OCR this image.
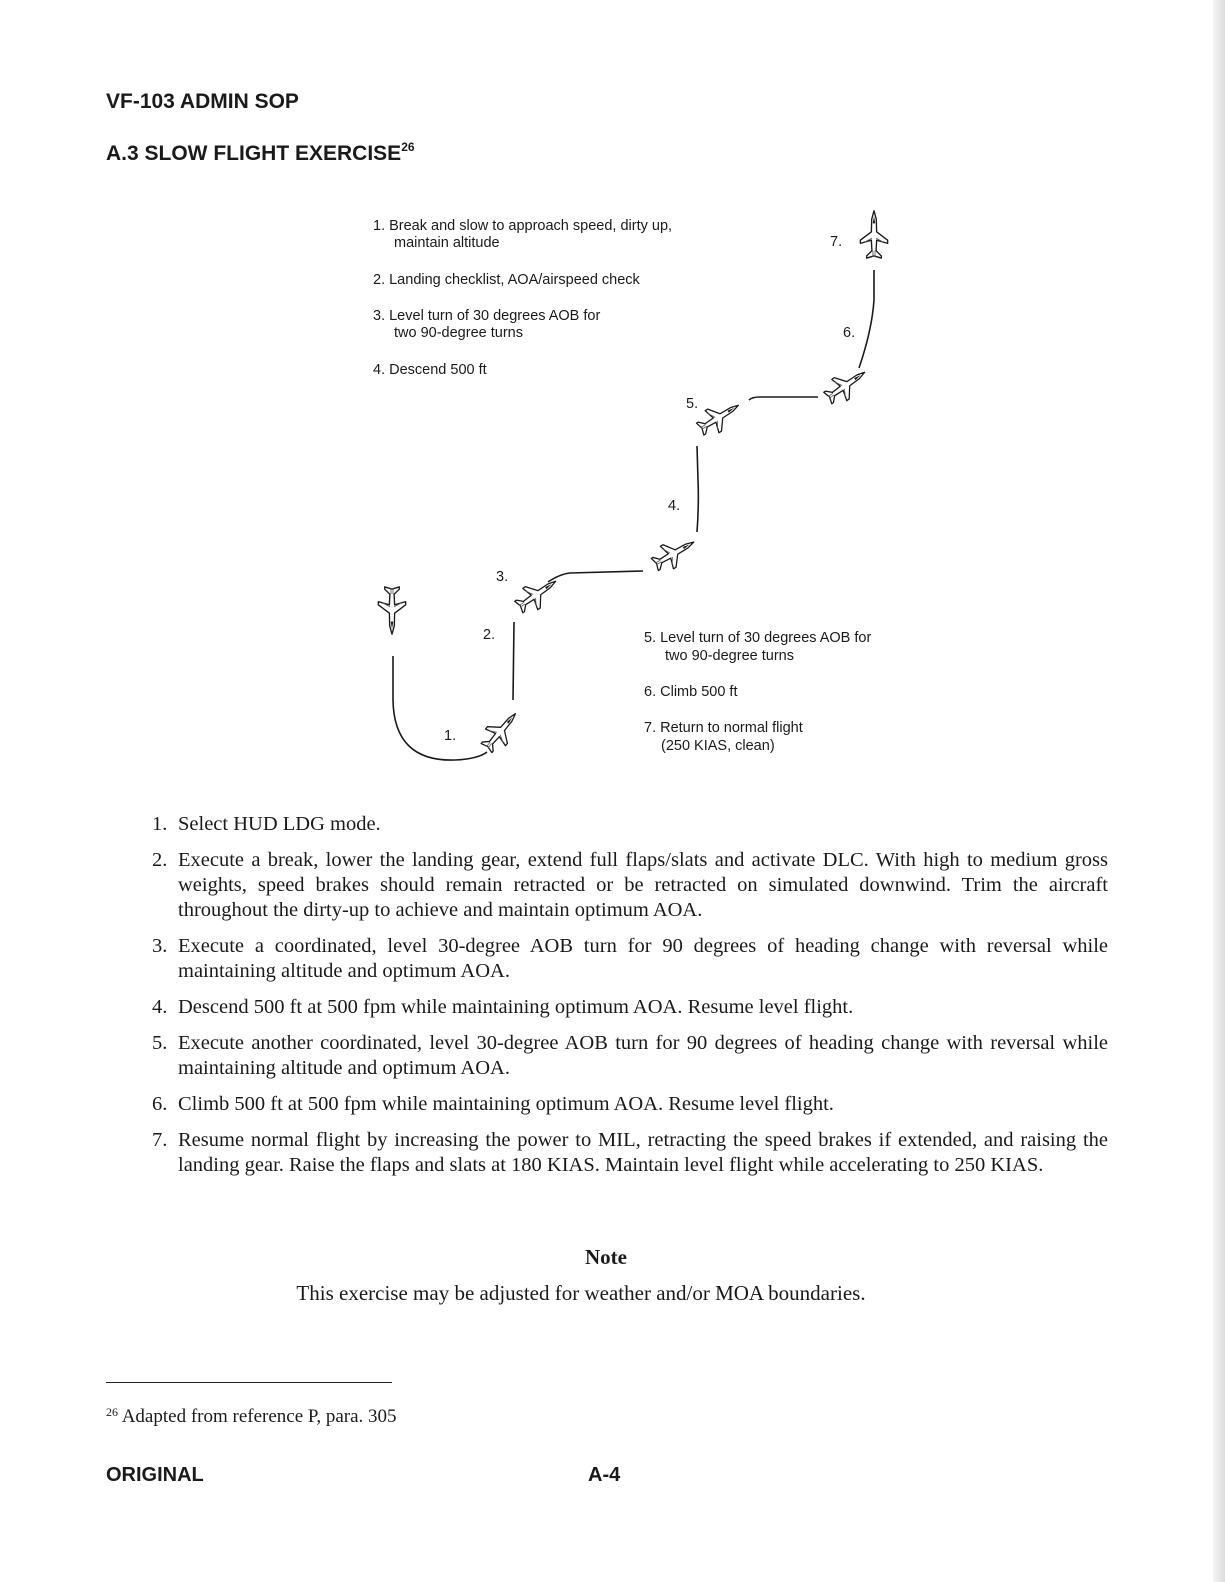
VF-103 ADMIN SOP
A.3 SLOW FLIGHT EXERCISE$^{26}$
1. Break and slow to approach speed, dirty up,
maintain altitude
2. Landing checklist, AOA/airspeed check
3. Level turn of 30 degrees AOB for
two 90-degree turns
4. Descend 500 ft
5. Level turn of 30 degrees AOB for
two 90-degree turns
6. Climb 500 ft
7. Return to normal flight
(250 KIAS, clean)
1.
2.
3.
4.
5.
6.
7.
1. Select HUD LDG mode.
2. Execute a break, lower the landing gear, extend full flaps/slats and activate DLC. With high to medium gross weights, speed brakes should remain retracted or be retracted on simulated downwind. Trim the aircraft throughout the dirty-up to achieve and maintain optimum AOA.
3. Execute a coordinated, level 30-degree AOB turn for 90 degrees of heading change with reversal while maintaining altitude and optimum AOA.
4. Descend 500 ft at 500 fpm while maintaining optimum AOA. Resume level flight.
5. Execute another coordinated, level 30-degree AOB turn for 90 degrees of heading change with reversal while maintaining altitude and optimum AOA.
6. Climb 500 ft at 500 fpm while maintaining optimum AOA. Resume level flight.
7. Resume normal flight by increasing the power to MIL, retracting the speed brakes if extended, and raising the landing gear. Raise the flaps and slats at 180 KIAS. Maintain level flight while accelerating to 250 KIAS.
Note
This exercise may be adjusted for weather and/or MOA boundaries.
$^{26}$ Adapted from reference P, para. 305
ORIGINAL	A-4
